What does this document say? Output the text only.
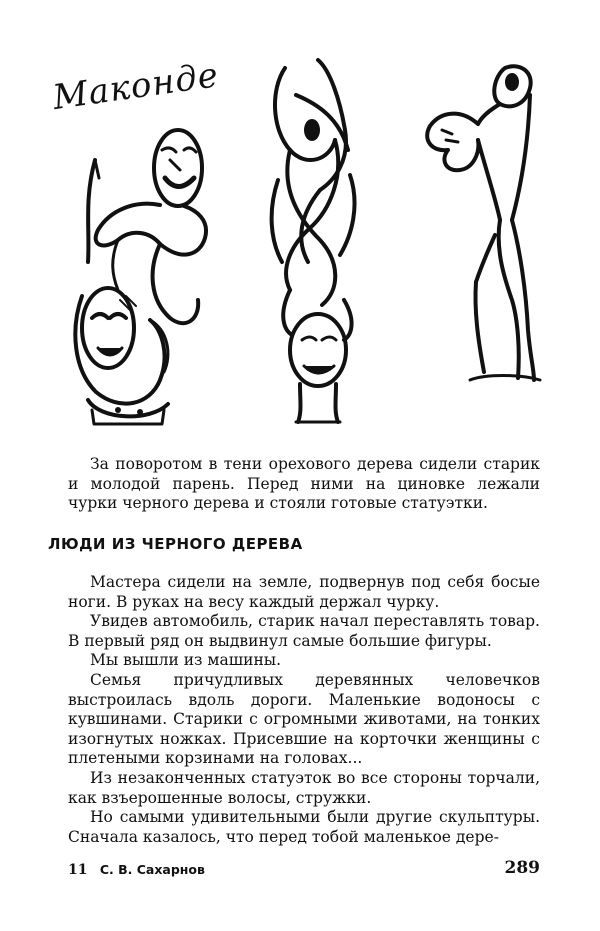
Маконде

За поворотом в тени орехового дерева сидели старик и молодой парень. Перед ними на циновке лежали чурки черного дерева и стояли готовые статуэтки.

ЛЮДИ ИЗ ЧЕРНОГО ДЕРЕВА

Мастера сидели на земле, подвернув под себя босые ноги. В руках на весу каждый держал чурку.

Увидев автомобиль, старик начал переставлять товар. В первый ряд он выдвинул самые большие фигуры.

Мы вышли из машины.

Семья причудливых деревянных человечков выстроилась вдоль дороги. Маленькие водоносы с кувшинами. Старики с огромными животами, на тонких изогнутых ножках. Присевшие на корточки женщины с плетеными корзинами на головах...

Из незаконченных статуэток во все стороны торчали, как взъерошенные волосы, стружки.

Но самыми удивительными были другие скульптуры. Сначала казалось, что перед тобой маленькое дере-

11 С. В. Сахарнов	289
